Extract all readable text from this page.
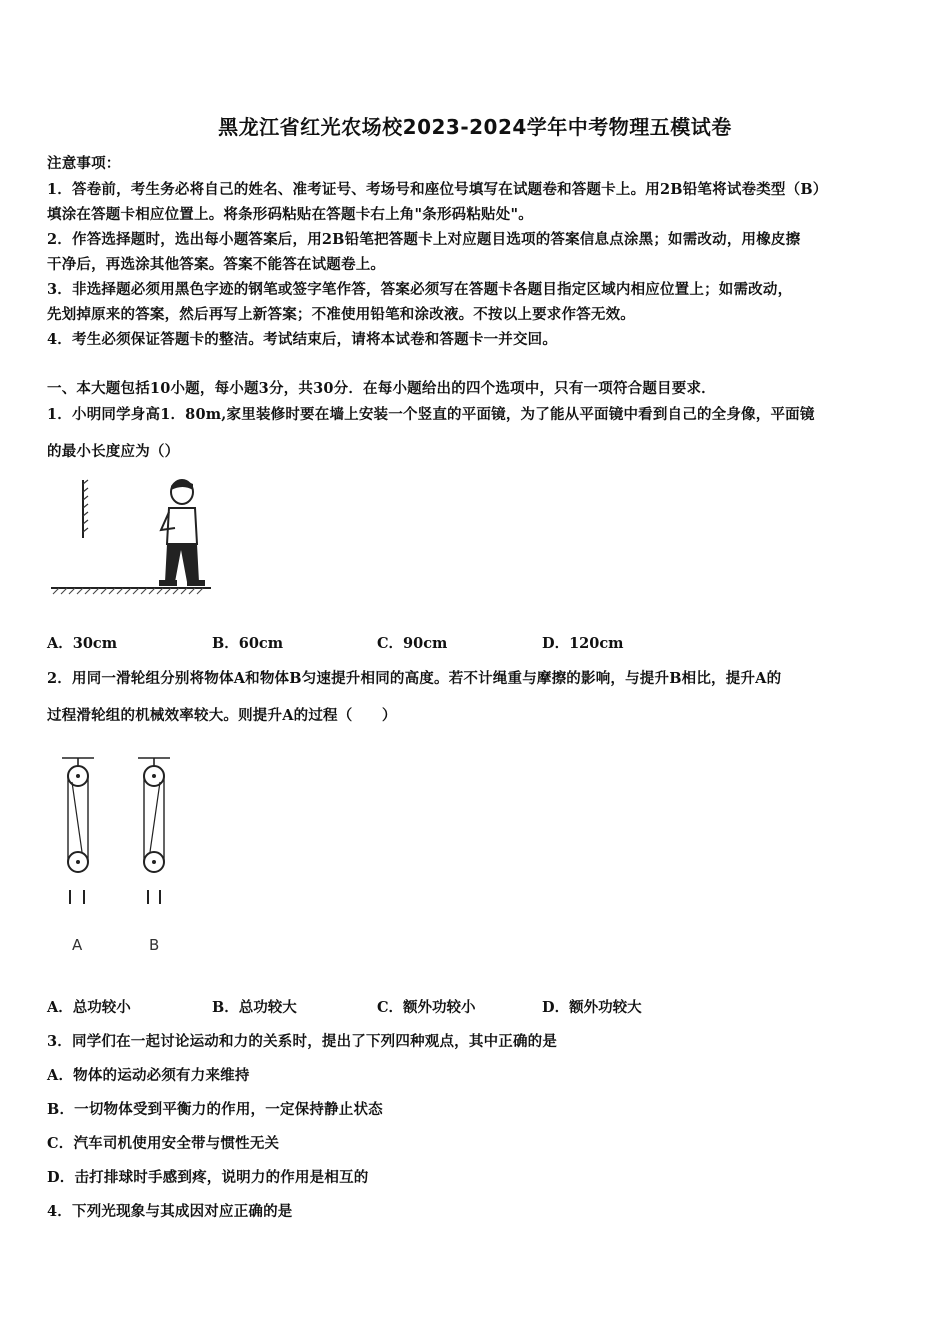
黑龙江省红光农场校2023-2024学年中考物理五模试卷
注意事项：
1．答卷前，考生务必将自己的姓名、准考证号、考场号和座位号填写在试题卷和答题卡上。用2B铅笔将试卷类型（B）
填涂在答题卡相应位置上。将条形码粘贴在答题卡右上角"条形码粘贴处"。
2．作答选择题时，选出每小题答案后，用2B铅笔把答题卡上对应题目选项的答案信息点涂黑；如需改动，用橡皮擦
干净后，再选涂其他答案。答案不能答在试题卷上。
3．非选择题必须用黑色字迹的钢笔或签字笔作答，答案必须写在答题卡各题目指定区域内相应位置上；如需改动，
先划掉原来的答案，然后再写上新答案；不准使用铅笔和涂改液。不按以上要求作答无效。
4．考生必须保证答题卡的整洁。考试结束后，请将本试卷和答题卡一并交回。
一、本大题包括10小题，每小题3分，共30分．在每小题给出的四个选项中，只有一项符合题目要求．
1．小明同学身高1．80m,家里装修时要在墙上安装一个竖直的平面镜，为了能从平面镜中看到自己的全身像，平面镜
的最小长度应为（）
A．30cm	B．60cm	C．90cm	D．120cm
2．用同一滑轮组分别将物体A和物体B匀速提升相同的高度。若不计绳重与摩擦的影响，与提升B相比，提升A的
过程滑轮组的机械效率较大。则提升A的过程（　　）
A	B
A．总功较小	B．总功较大	C．额外功较小	D．额外功较大
3．同学们在一起讨论运动和力的关系时，提出了下列四种观点，其中正确的是
A．物体的运动必须有力来维持
B．一切物体受到平衡力的作用，一定保持静止状态
C．汽车司机使用安全带与惯性无关
D．击打排球时手感到疼，说明力的作用是相互的
4．下列光现象与其成因对应正确的是
